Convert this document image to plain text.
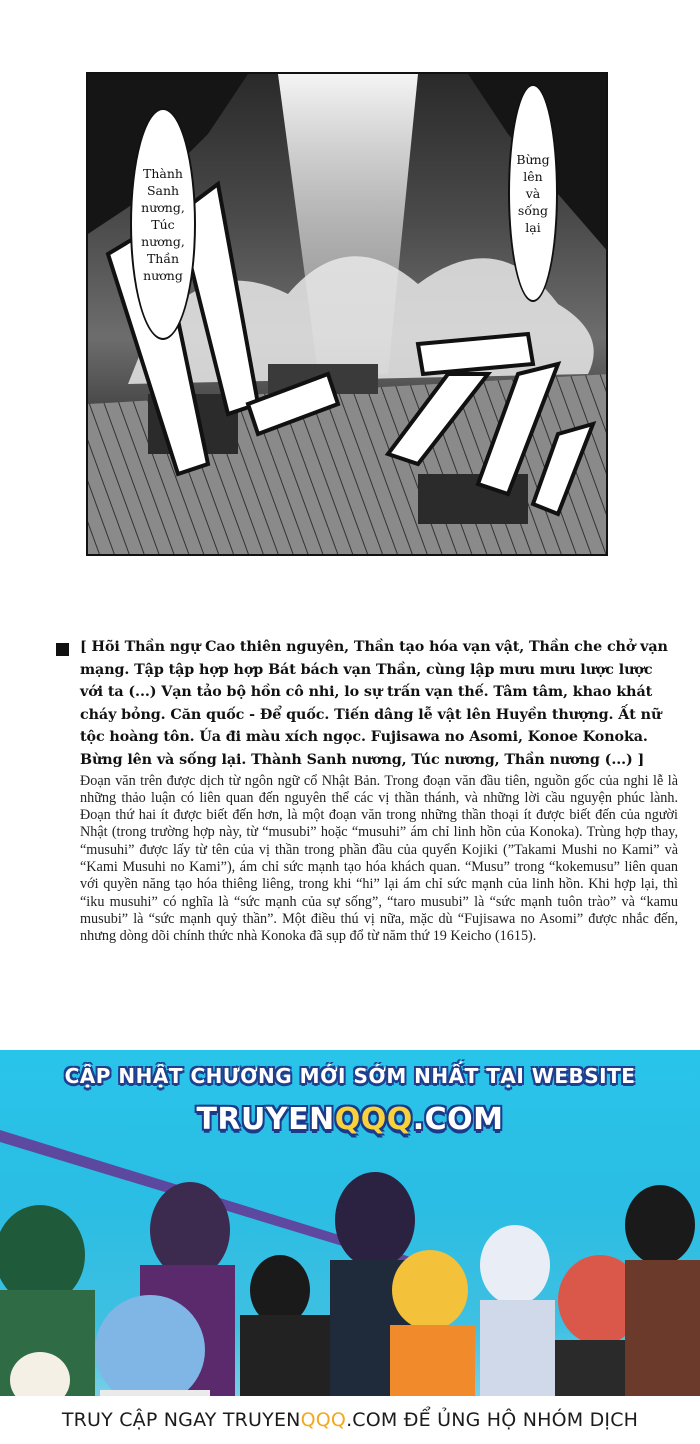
Thành
Sanh
nương,
Túc
nương,
Thần
nương
Bừng
lên
và
sống
lại

[ Hõi Thần ngự Cao thiên nguyên, Thần tạo hóa vạn vật, Thần che chở vạn mạng. Tập tập hợp hợp Bát bách vạn Thần, cùng lập mưu mưu lược lược với ta (...) Vạn tảo bộ hồn cô nhi, lo sự trấn vạn thế. Tâm tâm, khao khát cháy bỏng. Căn quốc - Để quốc. Tiến dâng lễ vật lên Huyền thượng. Ất nữ tộc hoàng tôn. Úa đi màu xích ngọc. Fujisawa no Asomi, Konoe Konoka. Bừng lên và sống lại. Thành Sanh nương, Túc nương, Thần nương (...) ]

Đoạn văn trên được dịch từ ngôn ngữ cổ Nhật Bản. Trong đoạn văn đầu tiên, nguồn gốc của nghi lễ là những thảo luận có liên quan đến nguyên thể các vị thần thánh, và những lời cầu nguyện phúc lành. Đoạn thứ hai ít được biết đến hơn, là một đoạn văn trong những thần thoại ít được biết đến của người Nhật (trong trường hợp này, từ “musubi” hoặc “musuhi” ám chỉ linh hồn của Konoka). Trùng hợp thay, “musuhi” được lấy từ tên của vị thần trong phần đầu của quyển Kojiki (”Takami Mushi no Kami” và “Kami Musuhi no Kami”), ám chỉ sức mạnh tạo hóa khách quan. “Musu” trong “kokemusu” liên quan với quyền năng tạo hóa thiêng liêng, trong khi “hi” lại ám chỉ sức mạnh của linh hồn. Khi hợp lại, thì “iku musuhi” có nghĩa là “sức mạnh của sự sống”, “taro musubi” là “sức mạnh tuôn trào” và “kamu musubi” là “sức mạnh quỷ thần”. Một điều thú vị nữa, mặc dù “Fujisawa no Asomi” được nhắc đến, nhưng dòng dõi chính thức nhà Konoka đã sụp đổ từ năm thứ 19 Keicho (1615).

CẬP NHẬT CHƯƠNG MỚI SỚM NHẤT TẠI WEBSITE
TRUYENQQQ.COM
TRUY CẬP NGAY TRUYENQQQ.COM ĐỂ ỦNG HỘ NHÓM DỊCH
